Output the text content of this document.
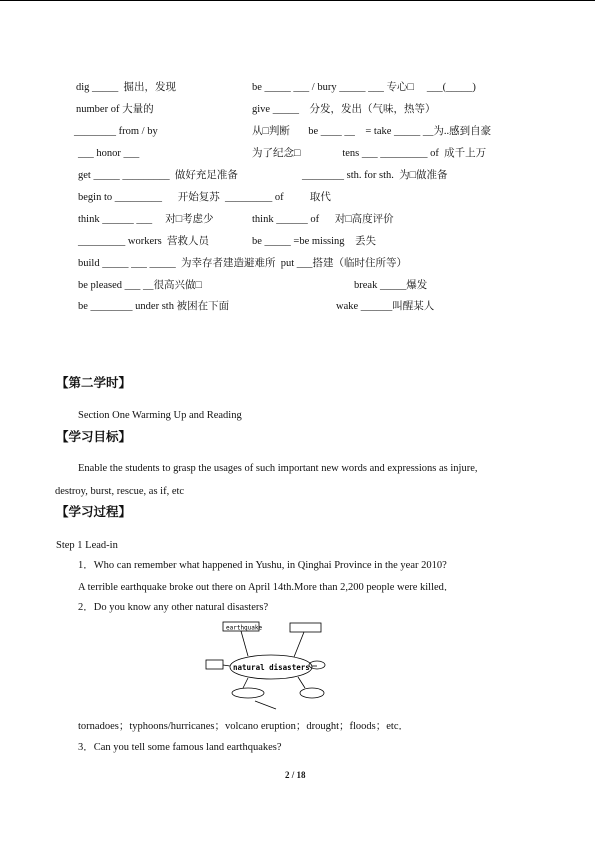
dig _____  掘出，发现	be _____ ___ / bury _____ ___ 专心□     ___(_____)
number of 大量的	give _____    分发，发出（气味，热等）
________ from / by	从□判断       be ____ __    = take _____ __为..感到自豪
___ honor ___	为了纪念□                tens ___ _________ of  成千上万
get _____ _________  做好充足准备	________ sth. for sth.  为□做准备
begin to _________      开始复苏  _________ of          取代
think ______ ___     对□考虑少	think ______ of      对□高度评价
_________ workers  营救人员	be _____ =be missing    丢失
build _____ ___ _____  为幸存者建造避难所  put ___搭建（临时住所等）
be pleased ___ __很高兴做□	break _____爆发
be ________ under sth 被困在下面	wake ______叫醒某人
【第二学时】
Section One Warming Up and Reading
【学习目标】
Enable the students to grasp the usages of such important new words and expressions as injure,
destroy, burst, rescue, as if, etc
【学习过程】
Step 1 Lead-in
1．Who can remember what happened in Yushu, in Qinghai Province in the year 2010?
A terrible earthquake broke out there on April 14th.More than 2,200 people were killed．
2．Do you know any other natural disasters?
earthquake
natural disasters
tornadoes；typhoons/hurricanes；volcano eruption；drought；floods；etc．
3．Can you tell some famous land earthquakes?
2 / 18
